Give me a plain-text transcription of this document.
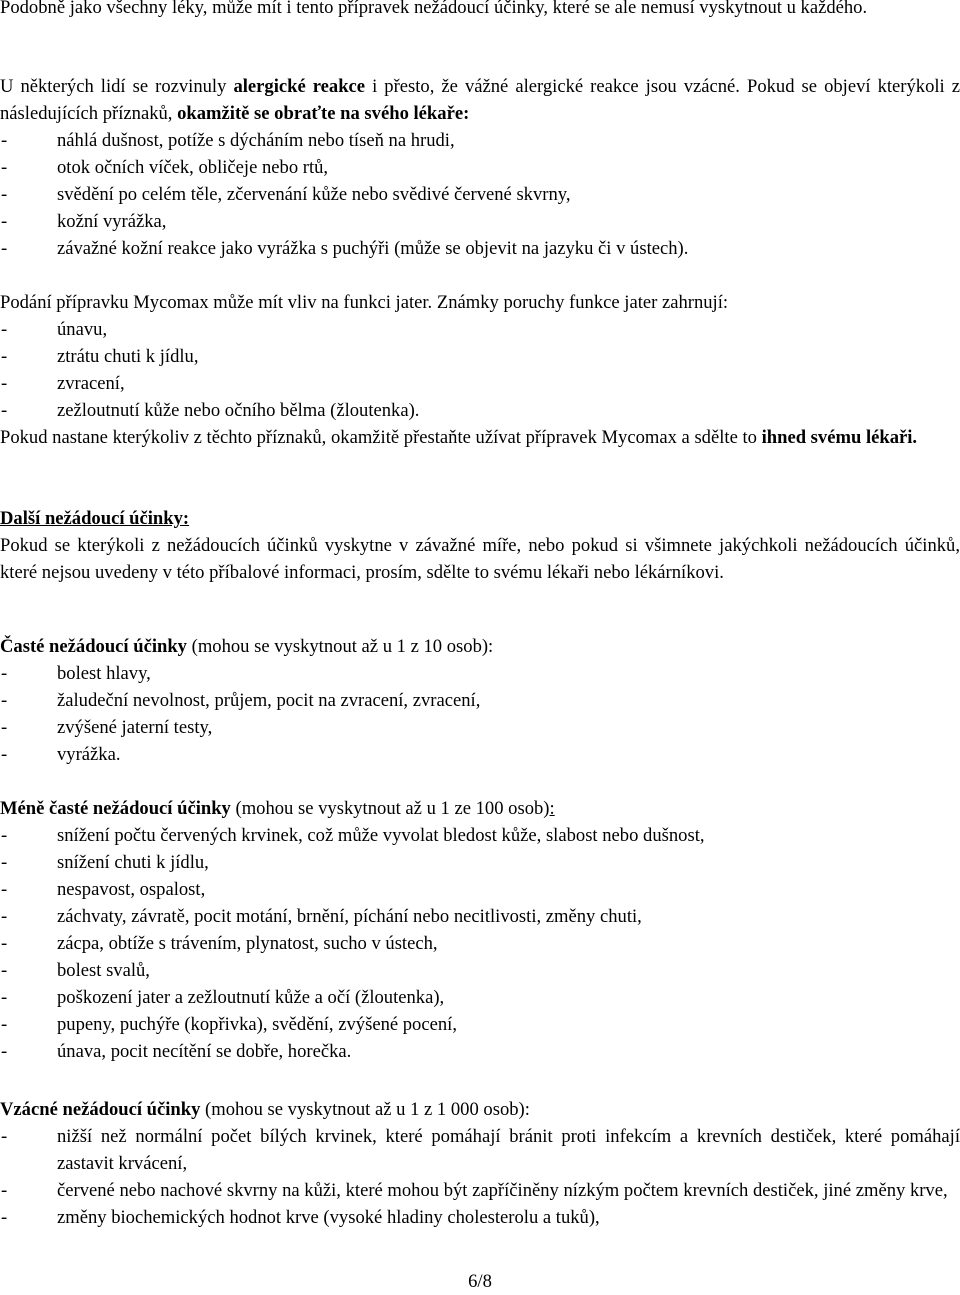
Podobně jako všechny léky, může mít i tento přípravek nežádoucí účinky, které se ale nemusí vyskytnout u každého.

U některých lidí se rozvinuly alergické reakce i přesto, že vážné alergické reakce jsou vzácné. Pokud se objeví kterýkoli z následujících příznaků, okamžitě se obraťte na svého lékaře:

-	náhlá dušnost, potíže s dýcháním nebo tíseň na hrudi,
-	otok očních víček, obličeje nebo rtů,
-	svědění po celém těle, zčervenání kůže nebo svědivé červené skvrny,
-	kožní vyrážka,
-	závažné kožní reakce jako vyrážka s puchýři (může se objevit na jazyku či v ústech).

Podání přípravku Mycomax může mít vliv na funkci jater. Známky poruchy funkce jater zahrnují:

-	únavu,
-	ztrátu chuti k jídlu,
-	zvracení,
-	zežloutnutí kůže nebo očního bělma (žloutenka).

Pokud nastane kterýkoliv z těchto příznaků, okamžitě přestaňte užívat přípravek Mycomax a sdělte to ihned svému lékaři.

Další nežádoucí účinky:

Pokud se kterýkoli z nežádoucích účinků vyskytne v závažné míře, nebo pokud si všimnete jakýchkoli nežádoucích účinků, které nejsou uvedeny v této příbalové informaci, prosím, sdělte to svému lékaři nebo lékárníkovi.

Časté nežádoucí účinky (mohou se vyskytnout až u 1 z 10 osob):

-	bolest hlavy,
-	žaludeční nevolnost, průjem, pocit na zvracení, zvracení,
-	zvýšené jaterní testy,
-	vyrážka.

Méně časté nežádoucí účinky (mohou se vyskytnout až u 1 ze 100 osob):

-	snížení počtu červených krvinek, což může vyvolat bledost kůže, slabost nebo dušnost,
-	snížení chuti k jídlu,
-	nespavost, ospalost,
-	záchvaty, závratě, pocit motání, brnění, píchání nebo necitlivosti, změny chuti,
-	zácpa, obtíže s trávením, plynatost, sucho v ústech,
-	bolest svalů,
-	poškození jater a zežloutnutí kůže a očí (žloutenka),
-	pupeny, puchýře (kopřivka), svědění, zvýšené pocení,
-	únava, pocit necítění se dobře, horečka.

Vzácné nežádoucí účinky (mohou se vyskytnout až u 1 z 1 000 osob):

-	nižší než normální počet bílých krvinek, které pomáhají bránit proti infekcím a krevních destiček, které pomáhají zastavit krvácení,
-	červené nebo nachové skvrny na kůži, které mohou být zapříčiněny nízkým počtem krevních destiček, jiné změny krve,
-	změny biochemických hodnot krve (vysoké hladiny cholesterolu a tuků),
6/8
